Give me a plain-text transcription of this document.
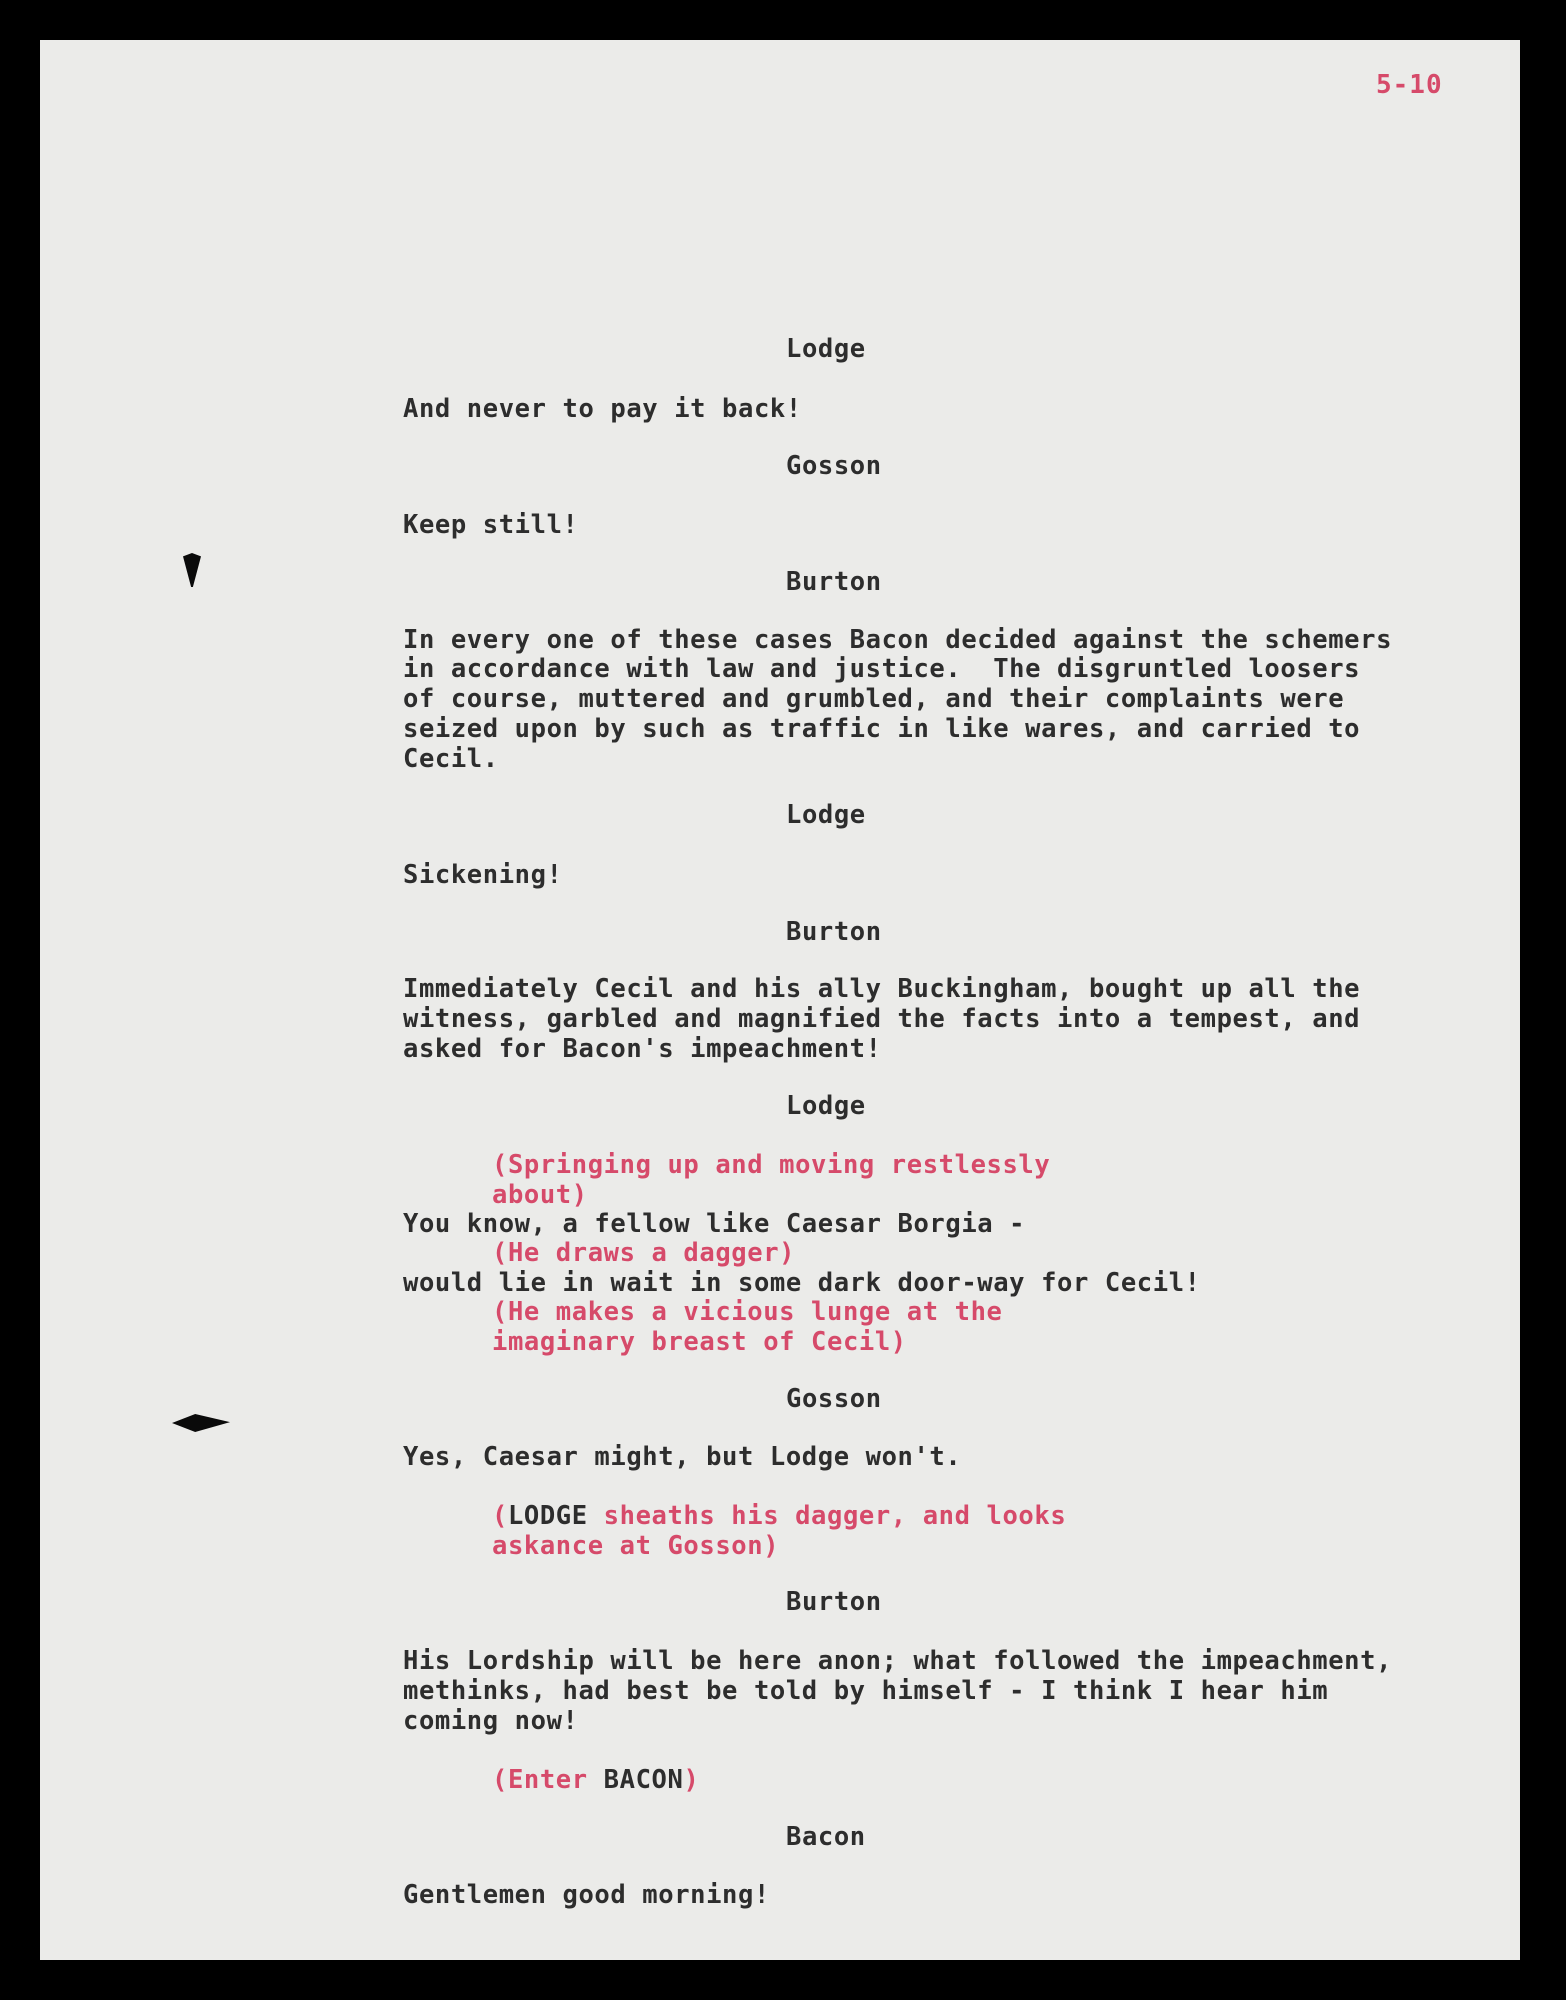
5-10
Lodge
And never to pay it back!
Gosson
Keep still!
Burton
In every one of these cases Bacon decided against the schemers
in accordance with law and justice.  The disgruntled loosers
of course, muttered and grumbled, and their complaints were
seized upon by such as traffic in like wares, and carried to
Cecil.
Lodge
Sickening!
Burton
Immediately Cecil and his ally Buckingham, bought up all the
witness, garbled and magnified the facts into a tempest, and
asked for Bacon's impeachment!
Lodge
(Springing up and moving restlessly
about)
You know, a fellow like Caesar Borgia -
(He draws a dagger)
would lie in wait in some dark door-way for Cecil!
(He makes a vicious lunge at the
imaginary breast of Cecil)
Gosson
Yes, Caesar might, but Lodge won't.
(LODGE sheaths his dagger, and looks
askance at Gosson)
Burton
His Lordship will be here anon; what followed the impeachment,
methinks, had best be told by himself - I think I hear him
coming now!
(Enter BACON)
Bacon
Gentlemen good morning!
